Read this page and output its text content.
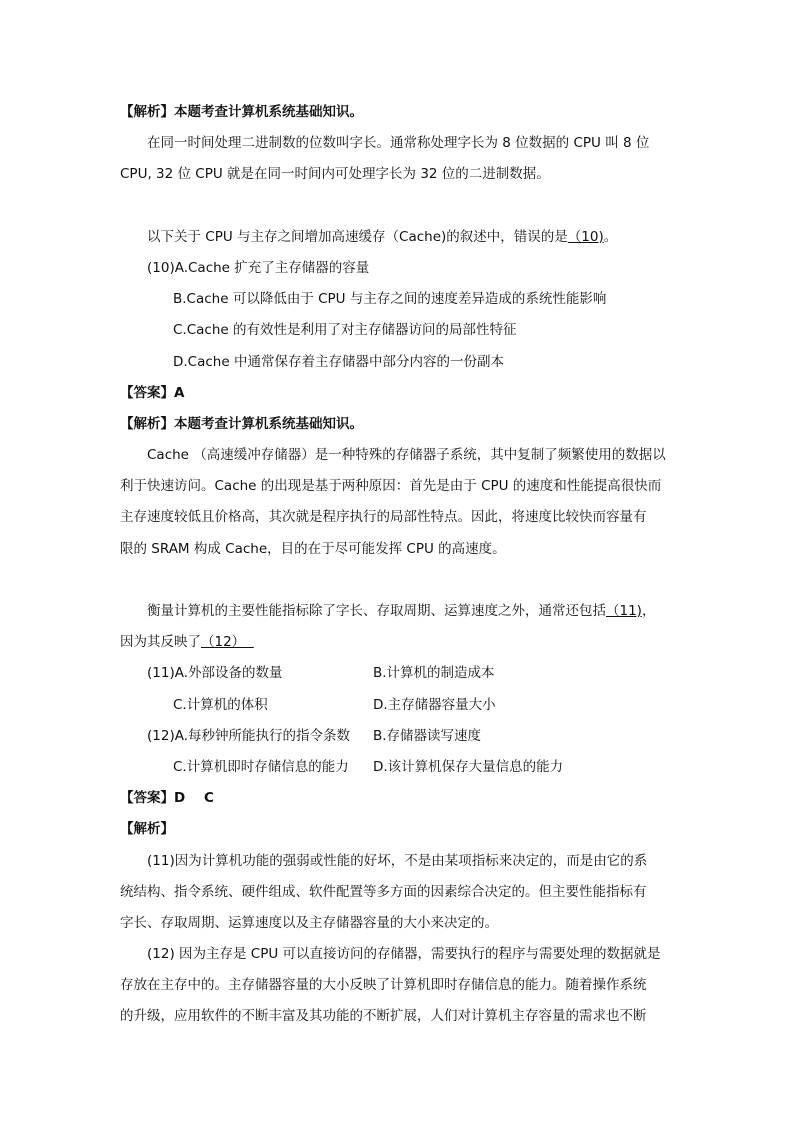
【解析】本题考查计算机系统基础知识。
在同一时间处理二进制数的位数叫字长。通常称处理字长为 8 位数据的 CPU 叫 8 位
CPU, 32 位 CPU 就是在同一时间内可处理字长为 32 位的二进制数据。
以下关于 CPU 与主存之间增加高速缓存（Cache)的叙述中，错误的是（10)。
(10)A.Cache 扩充了主存储器的容量
B.Cache 可以降低由于 CPU 与主存之间的速度差异造成的系统性能影响
C.Cache 的有效性是利用了对主存储器访问的局部性特征
D.Cache 中通常保存着主存储器中部分内容的一份副本
【答案】A
【解析】本题考查计算机系统基础知识。
Cache （高速缓冲存储器）是一种特殊的存储器子系统，其中复制了频繁使用的数据以
利于快速访问。Cache 的出现是基于两种原因：首先是由于 CPU 的速度和性能提高很快而
主存速度较低且价格高，其次就是程序执行的局部性特点。因此，将速度比较快而容量有
限的 SRAM 构成 Cache，目的在于尽可能发挥 CPU 的高速度。
衡量计算机的主要性能指标除了字长、存取周期、运算速度之外，通常还包括（11)，
因为其反映了（12）
(11)A.外部设备的数量	B.计算机的制造成本
C.计算机的体积	D.主存储器容量大小
(12)A.每秒钟所能执行的指令条数 B.存储器读写速度
C.计算机即时存储信息的能力 D.该计算机保存大量信息的能力
【答案】D    C
【解析】
(11)因为计算机功能的强弱或性能的好坏，不是由某项指标来决定的，而是由它的系
统结构、指令系统、硬件组成、软件配置等多方面的因素综合决定的。但主要性能指标有
字长、存取周期、运算速度以及主存储器容量的大小来决定的。
(12) 因为主存是 CPU 可以直接访问的存储器，需要执行的程序与需要处理的数据就是
存放在主存中的。主存储器容量的大小反映了计算机即时存储信息的能力。随着操作系统
的升级，应用软件的不断丰富及其功能的不断扩展，人们对计算机主存容量的需求也不断
